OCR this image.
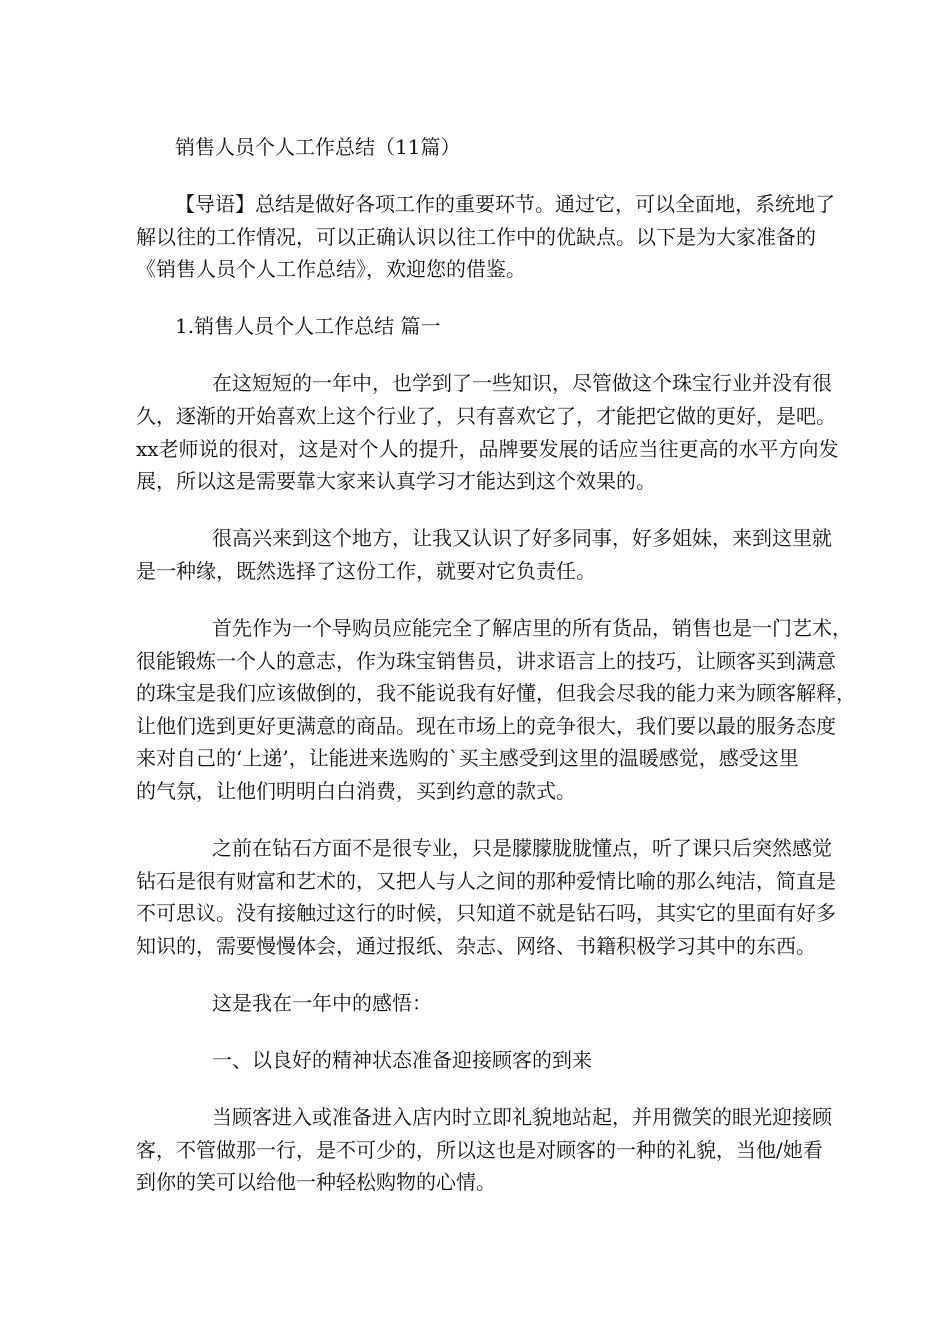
销售人员个人工作总结（11篇）
【导语】总结是做好各项工作的重要环节。通过它，可以全面地，系统地了
解以往的工作情况，可以正确认识以往工作中的优缺点。以下是为大家准备的
《销售人员个人工作总结》，欢迎您的借鉴。
1.销售人员个人工作总结 篇一
在这短短的一年中，也学到了一些知识，尽管做这个珠宝行业并没有很
久，逐渐的开始喜欢上这个行业了，只有喜欢它了，才能把它做的更好，是吧。
xx老师说的很对，这是对个人的提升，品牌要发展的话应当往更高的水平方向发
展，所以这是需要靠大家来认真学习才能达到这个效果的。
很高兴来到这个地方，让我又认识了好多同事，好多姐妹，来到这里就
是一种缘，既然选择了这份工作，就要对它负责任。
首先作为一个导购员应能完全了解店里的所有货品，销售也是一门艺术，
很能锻炼一个人的意志，作为珠宝销售员，讲求语言上的技巧，让顾客买到满意
的珠宝是我们应该做倒的，我不能说我有好懂，但我会尽我的能力来为顾客解释，
让他们选到更好更满意的商品。现在市场上的竞争很大，我们要以最的服务态度
来对自己的‘上递’，让能进来选购的`买主感受到这里的温暖感觉，感受这里
的气氛，让他们明明白白消费，买到约意的款式。
之前在钻石方面不是很专业，只是朦朦胧胧懂点，听了课只后突然感觉
钻石是很有财富和艺术的，又把人与人之间的那种爱情比喻的那么纯洁，简直是
不可思议。没有接触过这行的时候，只知道不就是钻石吗，其实它的里面有好多
知识的，需要慢慢体会，通过报纸、杂志、网络、书籍积极学习其中的东西。
这是我在一年中的感悟：
一、以良好的精神状态准备迎接顾客的到来
当顾客进入或准备进入店内时立即礼貌地站起，并用微笑的眼光迎接顾
客，不管做那一行，是不可少的，所以这也是对顾客的一种的礼貌，当他/她看
到你的笑可以给他一种轻松购物的心情。
